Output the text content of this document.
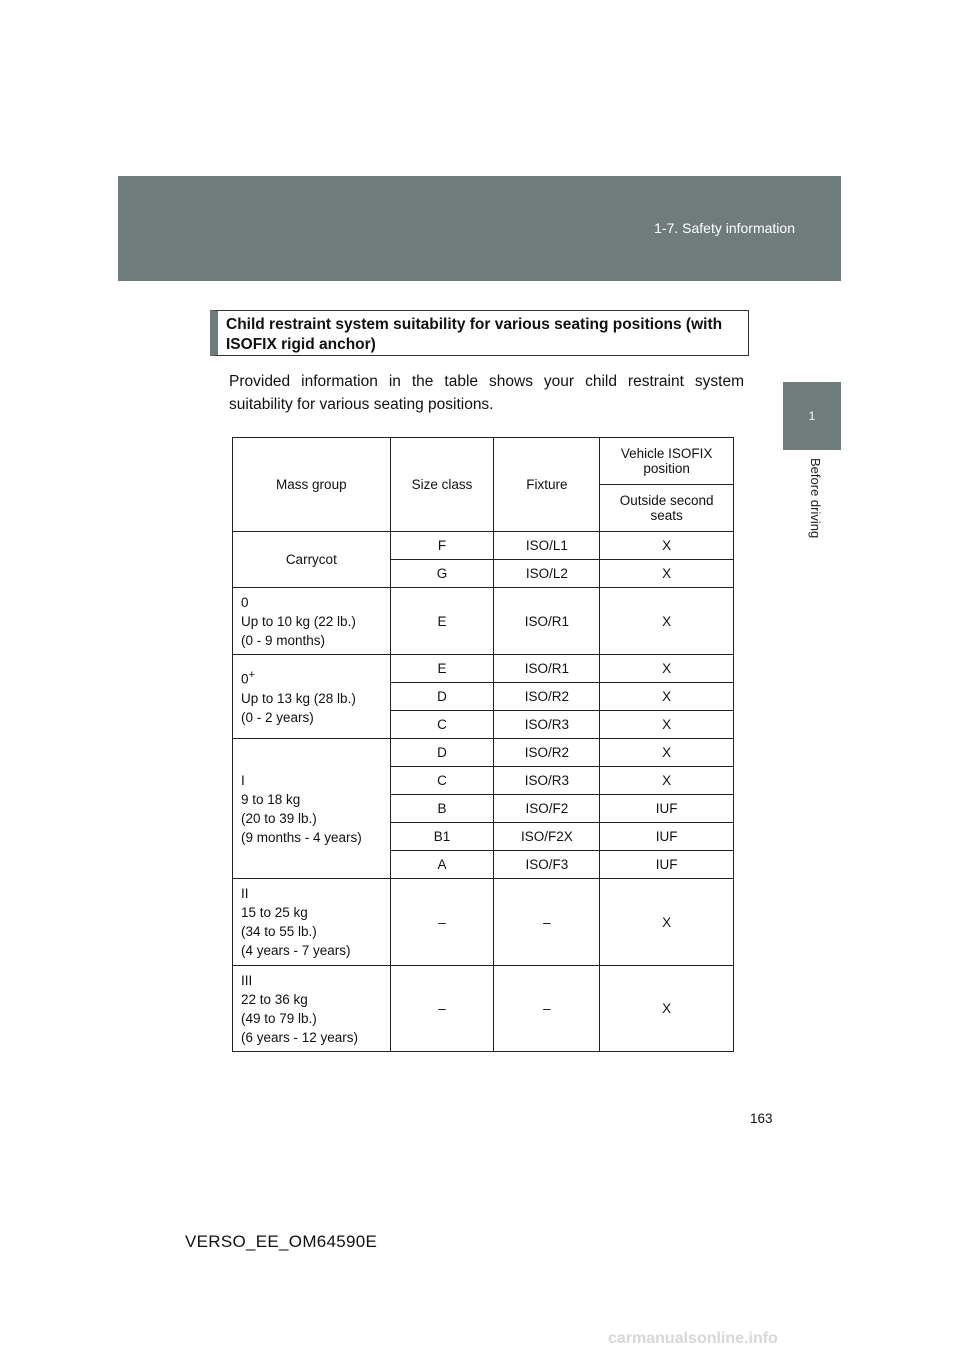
1-7. Safety information
1
Before driving
Child restraint system suitability for various seating positions (with ISOFIX rigid anchor)
Provided information in the table shows your child restraint system suitability for various seating positions.
Mass group	Size class	Fixture	Vehicle ISOFIX position
			Outside second seats
Carrycot	F	ISO/L1	X
	G	ISO/L2	X
0
Up to 10 kg (22 lb.)
(0 - 9 months)	E	ISO/R1	X
0+
Up to 13 kg (28 lb.)
(0 - 2 years)	E	ISO/R1	X
	D	ISO/R2	X
	C	ISO/R3	X
I
9 to 18 kg
(20 to 39 lb.)
(9 months - 4 years)	D	ISO/R2	X
	C	ISO/R3	X
	B	ISO/F2	IUF
	B1	ISO/F2X	IUF
	A	ISO/F3	IUF
II
15 to 25 kg
(34 to 55 lb.)
(4 years - 7 years)	–	–	X
III
22 to 36 kg
(49 to 79 lb.)
(6 years - 12 years)	–	–	X
163
VERSO_EE_OM64590E
carmanualsonline.info
